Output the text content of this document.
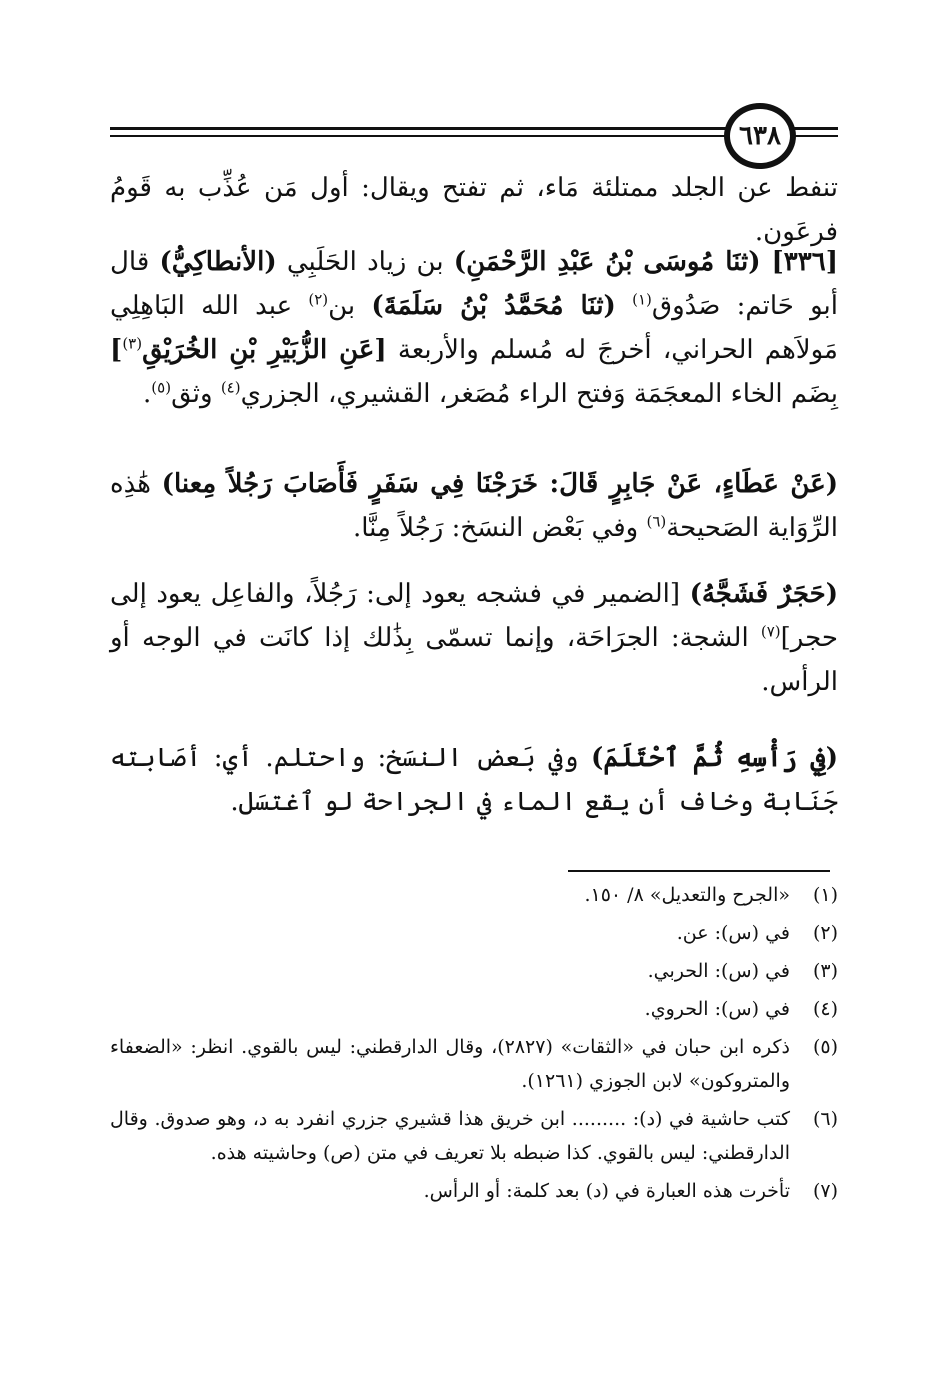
٦٣٨

تنفط عن الجلد ممتلئة مَاء، ثم تفتح ويقال: أول مَن عُذِّب به قَومُ فرعَون.

[٣٣٦] (ثنَا مُوسَى بْنُ عَبْدِ الرَّحْمَنِ) بن زياد الحَلَبِي (الأنطاكِيُّ) قال أبو حَاتم: صَدُوق$^{(١)}$ (ثنَا مُحَمَّدُ بْنُ سَلَمَةَ) بن$^{(٢)}$ عبد الله البَاهِلِي مَولاَهم الحراني، أخرجَ له مُسلم والأربعة [عَنِ الزُّبَيْرِ بْنِ الخُرَيْقِ$^{(٣)}$] بِضَم الخاء المعجَمَة وَفتح الراء مُصَغر، القشيري، الجزري$^{(٤)}$ وثق$^{(٥)}$.

(عَنْ عَطَاءٍ، عَنْ جَابِرٍ قَالَ: خَرَجْنَا فِي سَفَرٍ فَأَصَابَ رَجُلاً مِعنا) هَٰذِه الرِّوَاية الصَحيحة$^{(٦)}$ وفي بَعْض النسَخ: رَجُلاً مِنَّا.

(حَجَرٌ فَشَجَّهُ) [الضمير في فشجه يعود إلى: رَجُلاً، والفاعِل يعود إلى حجر]$^{(٧)}$ الشجة: الجرَاحَة، وإنما تسمّى بِذَٰلك إذا كانَت في الوجه أو الرأس.

(فِي رَأْسِهِ ثُمَّ ٱحْتَلَمَ) وفي بَعض النسَخ: واحتلم. أي: أصَابته جَنَابة وخاف أن يقع الماء في الجراحة لو ٱغتسَل.

(١)
«الجرح والتعديل» ٨/ ١٥٠.
(٢)
في (س): عن.
(٣)
في (س): الحربي.
(٤)
في (س): الحروي.
(٥)
ذكره ابن حبان في «الثقات» (٢٨٢٧)، وقال الدارقطني: ليس بالقوي. انظر: «الضعفاء والمتروكون» لابن الجوزي (١٢٦١).
(٦)
كتب حاشية في (د): ......... ابن خريق هذا قشيري جزري انفرد به د، وهو صدوق. وقال الدارقطني: ليس بالقوي. كذا ضبطه بلا تعريف في متن (ص) وحاشيته هذه.
(٧)
تأخرت هذه العبارة في (د) بعد كلمة: أو الرأس.
